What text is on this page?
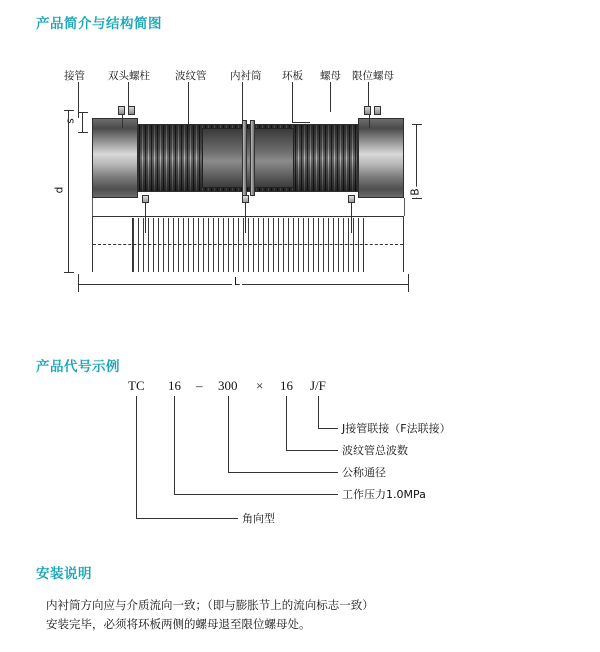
产品简介与结构简图
接管 双头螺柱 波纹管 内衬筒 环板 螺母 限位螺母
s
d	B
L
产品代号示例
TC 16 – 300 × 16 J/F
J接管联接（F法联接）
波纹管总波数
公称通径
工作压力1.0MPa
角向型
安装说明
内衬筒方向应与介质流向一致；（即与膨胀节上的流向标志一致）
安装完毕，必须将环板两侧的螺母退至限位螺母处。
